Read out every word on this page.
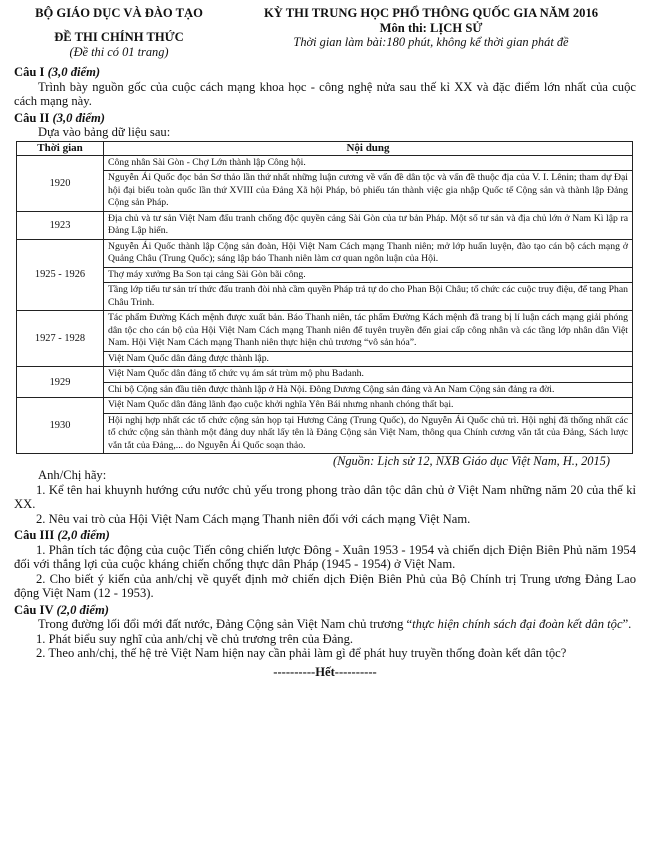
BỘ GIÁO DỤC VÀ ĐÀO TẠO
ĐỀ THI CHÍNH THỨC
(Đề thi có 01 trang)
KỲ THI TRUNG HỌC PHỔ THÔNG QUỐC GIA NĂM 2016
Môn thi: LỊCH SỬ
Thời gian làm bài:180 phút, không kể thời gian phát đề
Câu I (3,0 điểm)
Trình bày nguồn gốc của cuộc cách mạng khoa học - công nghệ nửa sau thế kỉ XX và đặc điểm lớn nhất của cuộc cách mạng này.
Câu II (3,0 điểm)
Dựa vào bảng dữ liệu sau:
Thời gian	Nội dung
1920	Công nhân Sài Gòn - Chợ Lớn thành lập Công hội.
	Nguyễn Ái Quốc đọc bản Sơ thảo lần thứ nhất những luận cương về vấn đề dân tộc và vấn đề thuộc địa của V. I. Lênin; tham dự Đại hội đại biểu toàn quốc lần thứ XVIII của Đảng Xã hội Pháp, bỏ phiếu tán thành việc gia nhập Quốc tế Cộng sản và thành lập Đảng Cộng sản Pháp.
1923	Địa chủ và tư sản Việt Nam đấu tranh chống độc quyền cảng Sài Gòn của tư bản Pháp. Một số tư sản và địa chủ lớn ở Nam Kì lập ra Đảng Lập hiến.
1925 - 1926	Nguyễn Ái Quốc thành lập Cộng sản đoàn, Hội Việt Nam Cách mạng Thanh niên; mở lớp huấn luyện, đào tạo cán bộ cách mạng ở Quảng Châu (Trung Quốc); sáng lập báo Thanh niên làm cơ quan ngôn luận của Hội.
	Thợ máy xưởng Ba Son tại cảng Sài Gòn bãi công.
	Tầng lớp tiểu tư sản trí thức đấu tranh đòi nhà cầm quyền Pháp trả tự do cho Phan Bội Châu; tổ chức các cuộc truy điệu, để tang Phan Châu Trinh.
1927 - 1928	Tác phẩm Đường Kách mệnh được xuất bản. Báo Thanh niên, tác phẩm Đường Kách mệnh đã trang bị lí luận cách mạng giải phóng dân tộc cho cán bộ của Hội Việt Nam Cách mạng Thanh niên để tuyên truyền đến giai cấp công nhân và các tầng lớp nhân dân Việt Nam. Hội Việt Nam Cách mạng Thanh niên thực hiện chủ trương “vô sản hóa”.
	Việt Nam Quốc dân đảng được thành lập.
1929	Việt Nam Quốc dân đảng tổ chức vụ ám sát trùm mộ phu Badanh.
	Chi bộ Cộng sản đầu tiên được thành lập ở Hà Nội. Đông Dương Cộng sản đảng và An Nam Cộng sản đảng ra đời.
1930	Việt Nam Quốc dân đảng lãnh đạo cuộc khởi nghĩa Yên Bái nhưng nhanh chóng thất bại.
	Hội nghị hợp nhất các tổ chức cộng sản họp tại Hương Cảng (Trung Quốc), do Nguyễn Ái Quốc chủ trì. Hội nghị đã thống nhất các tổ chức cộng sản thành một đảng duy nhất lấy tên là Đảng Cộng sản Việt Nam, thông qua Chính cương vắn tắt của Đảng, Sách lược vắn tắt của Đảng,... do Nguyễn Ái Quốc soạn thảo.
(Nguồn: Lịch sử 12, NXB Giáo dục Việt Nam, H., 2015)
Anh/Chị hãy:
1. Kể tên hai khuynh hướng cứu nước chủ yếu trong phong trào dân tộc dân chủ ở Việt Nam những năm 20 của thế kỉ XX.
2. Nêu vai trò của Hội Việt Nam Cách mạng Thanh niên đối với cách mạng Việt Nam.
Câu III (2,0 điểm)
1. Phân tích tác động của cuộc Tiến công chiến lược Đông - Xuân 1953 - 1954 và chiến dịch Điện Biên Phủ năm 1954 đối với thắng lợi của cuộc kháng chiến chống thực dân Pháp (1945 - 1954) ở Việt Nam.
2. Cho biết ý kiến của anh/chị về quyết định mở chiến dịch Điện Biên Phủ của Bộ Chính trị Trung ương Đảng Lao động Việt Nam (12 - 1953).
Câu IV (2,0 điểm)
Trong đường lối đổi mới đất nước, Đảng Cộng sản Việt Nam chủ trương “thực hiện chính sách đại đoàn kết dân tộc”.
1. Phát biểu suy nghĩ của anh/chị về chủ trương trên của Đảng.
2. Theo anh/chị, thế hệ trẻ Việt Nam hiện nay cần phải làm gì để phát huy truyền thống đoàn kết dân tộc?
----------Hết----------
